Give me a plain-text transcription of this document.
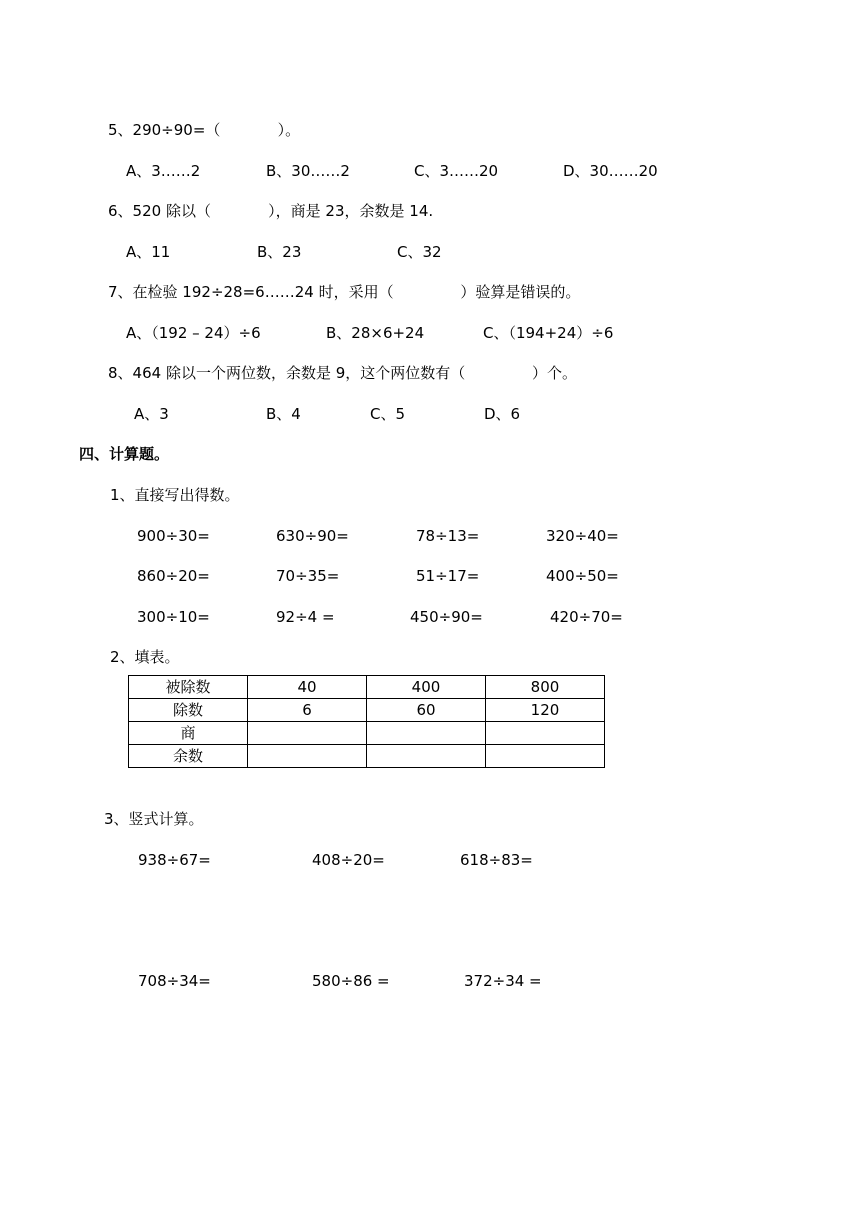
5、290÷90=（            ）。
A、3……2	B、30……2	C、3……20	D、30……20
6、520 除以（            ），商是 23，余数是 14.
A、11	B、23	C、32
7、在检验 192÷28=6……24 时，采用（              ）验算是错误的。
A、（192 – 24）÷6	B、28×6+24	C、（194+24）÷6
8、464 除以一个两位数，余数是 9，这个两位数有（              ）个。
A、3	B、4	C、5	D、6
四、计算题。
1、直接写出得数。
900÷30=	630÷90=	78÷13=	320÷40=
860÷20=	70÷35=	51÷17=	400÷50=
300÷10=	92÷4 =	450÷90=	420÷70=
2、填表。
被除数	40	400	800
除数	6	60	120
商			
余数			
3、竖式计算。
938÷67=	408÷20=	618÷83=
708÷34=	580÷86 =	372÷34 =
